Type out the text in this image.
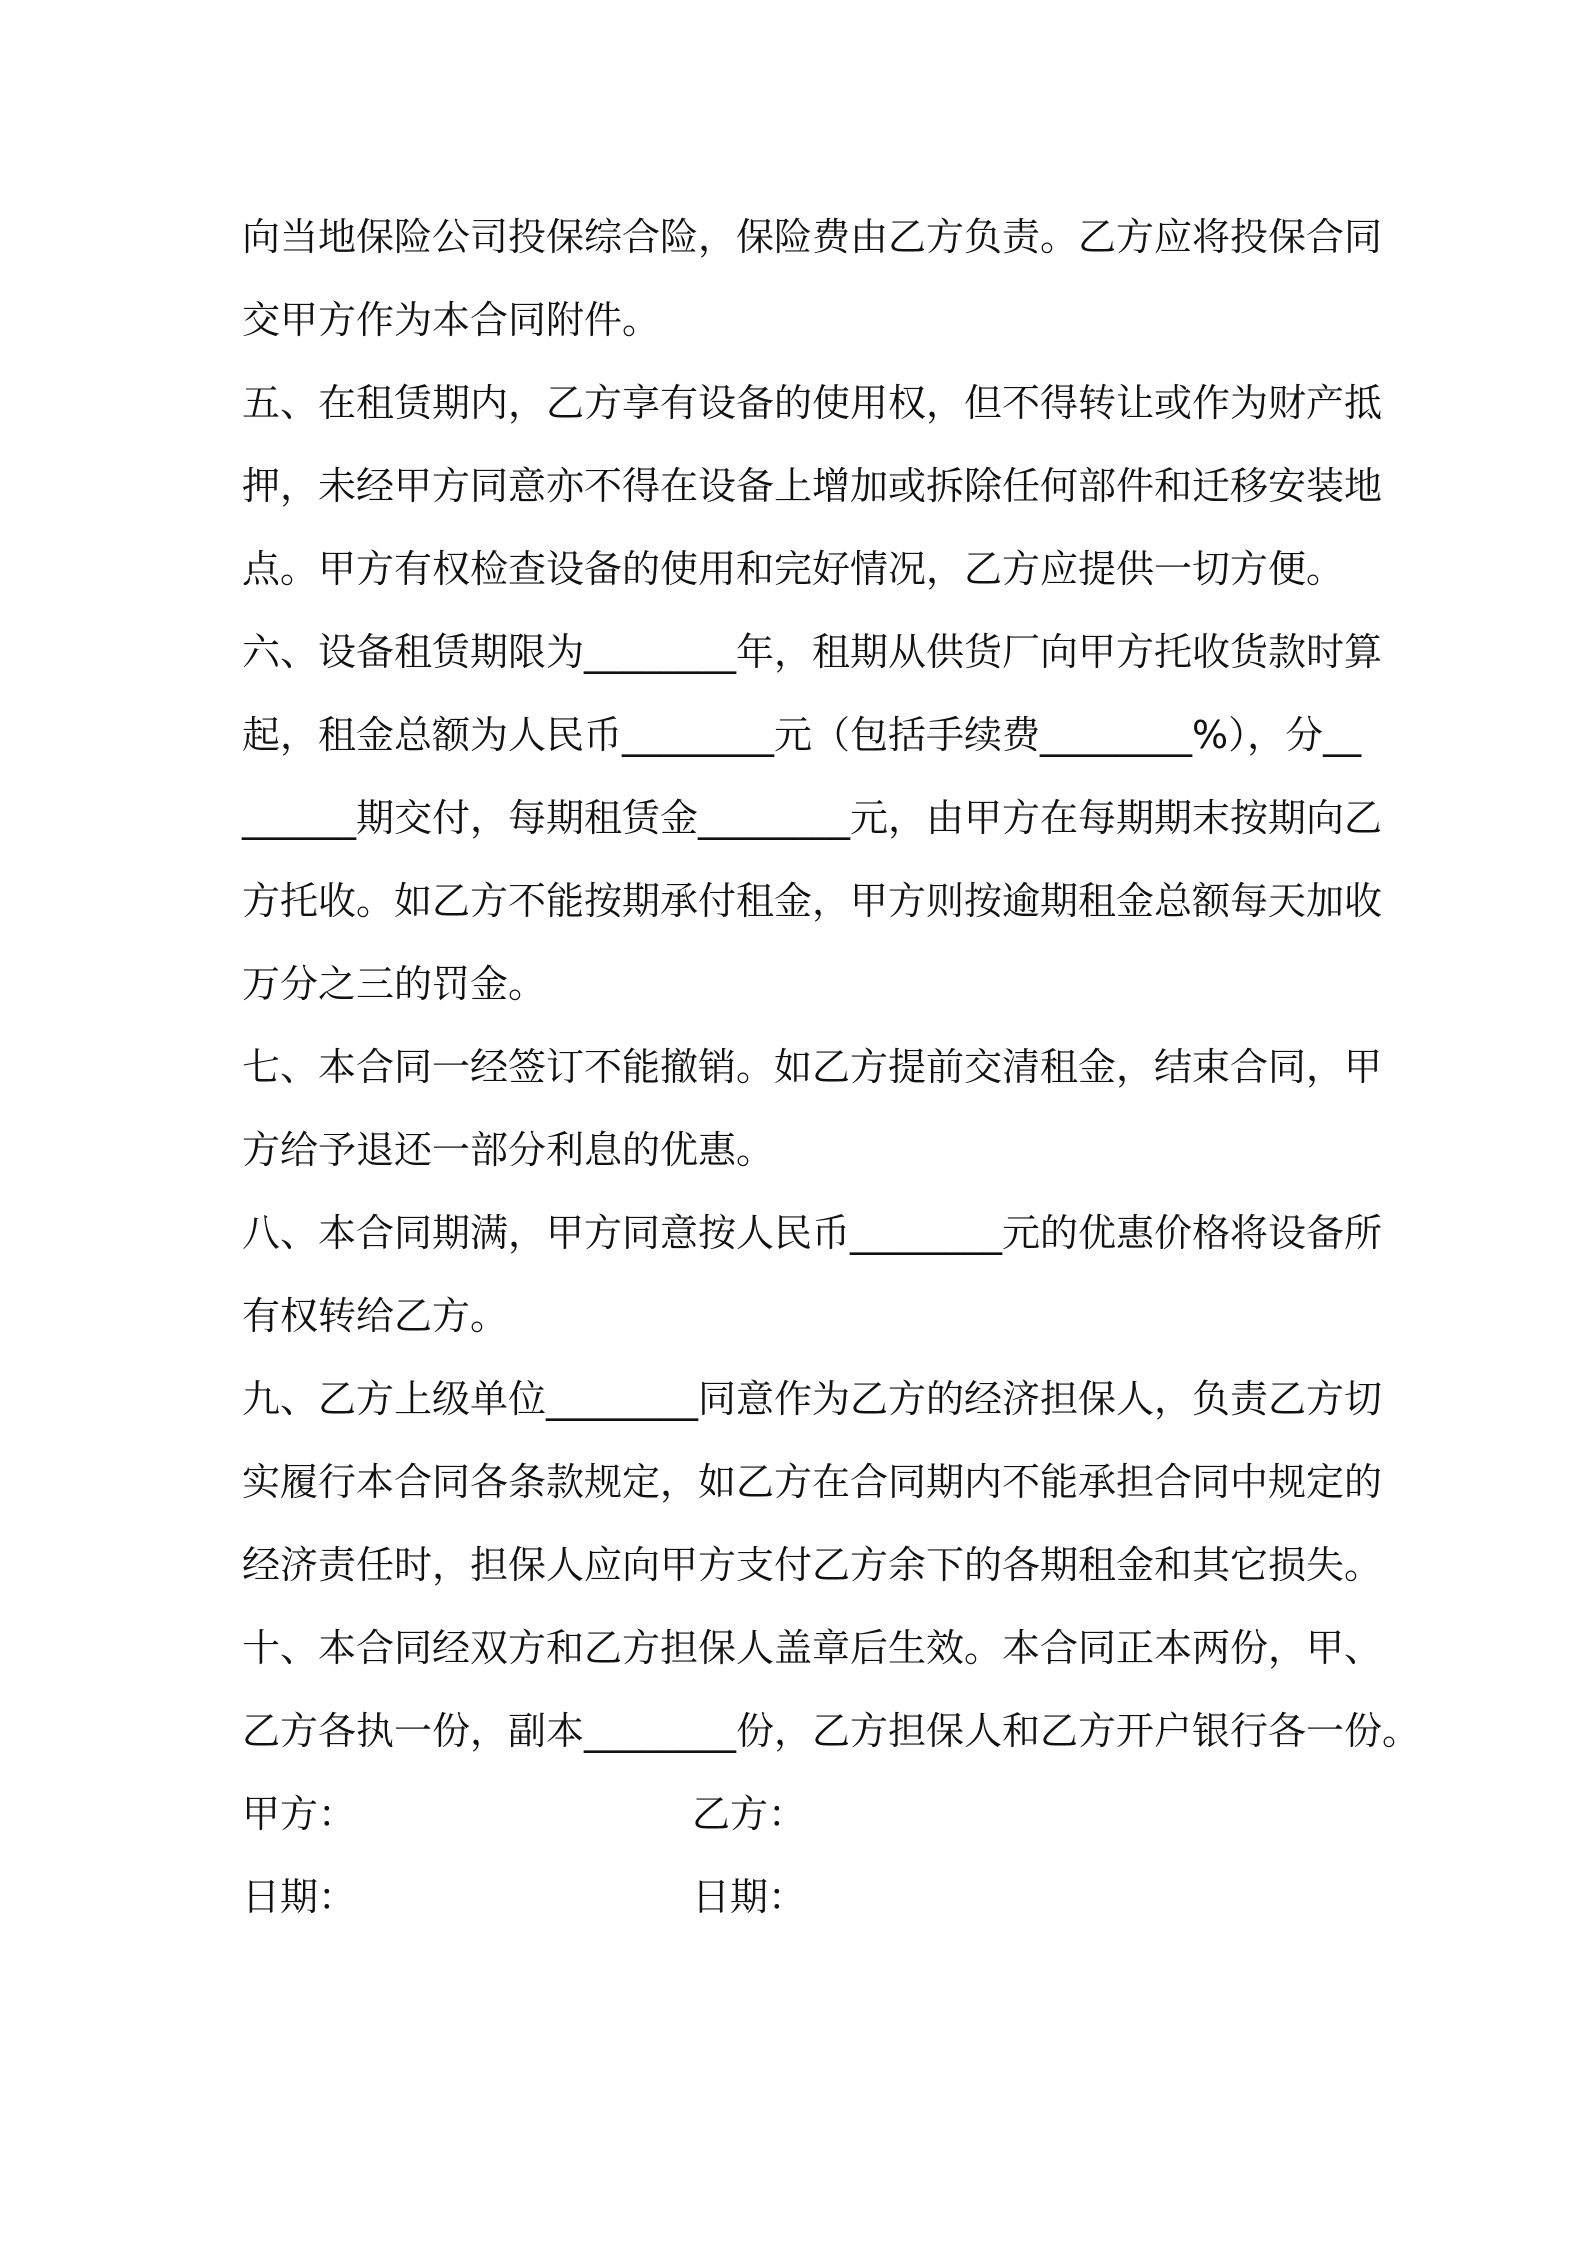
向当地保险公司投保综合险，保险费由乙方负责。乙方应将投保合同
交甲方作为本合同附件。
五、在租赁期内，乙方享有设备的使用权，但不得转让或作为财产抵
押，未经甲方同意亦不得在设备上增加或拆除任何部件和迁移安装地
点。甲方有权检查设备的使用和完好情况，乙方应提供一切方便。
六、设备租赁期限为________年，租期从供货厂向甲方托收货款时算
起，租金总额为人民币________元（包括手续费________%），分__
______期交付，每期租赁金________元，由甲方在每期期末按期向乙
方托收。如乙方不能按期承付租金，甲方则按逾期租金总额每天加收
万分之三的罚金。
七、本合同一经签订不能撤销。如乙方提前交清租金，结束合同，甲
方给予退还一部分利息的优惠。
八、本合同期满，甲方同意按人民币________元的优惠价格将设备所
有权转给乙方。
九、乙方上级单位________同意作为乙方的经济担保人，负责乙方切
实履行本合同各条款规定，如乙方在合同期内不能承担合同中规定的
经济责任时，担保人应向甲方支付乙方余下的各期租金和其它损失。
十、本合同经双方和乙方担保人盖章后生效。本合同正本两份，甲、
乙方各执一份，副本________份，乙方担保人和乙方开户银行各一份。
甲方：	乙方：
日期：	日期：
